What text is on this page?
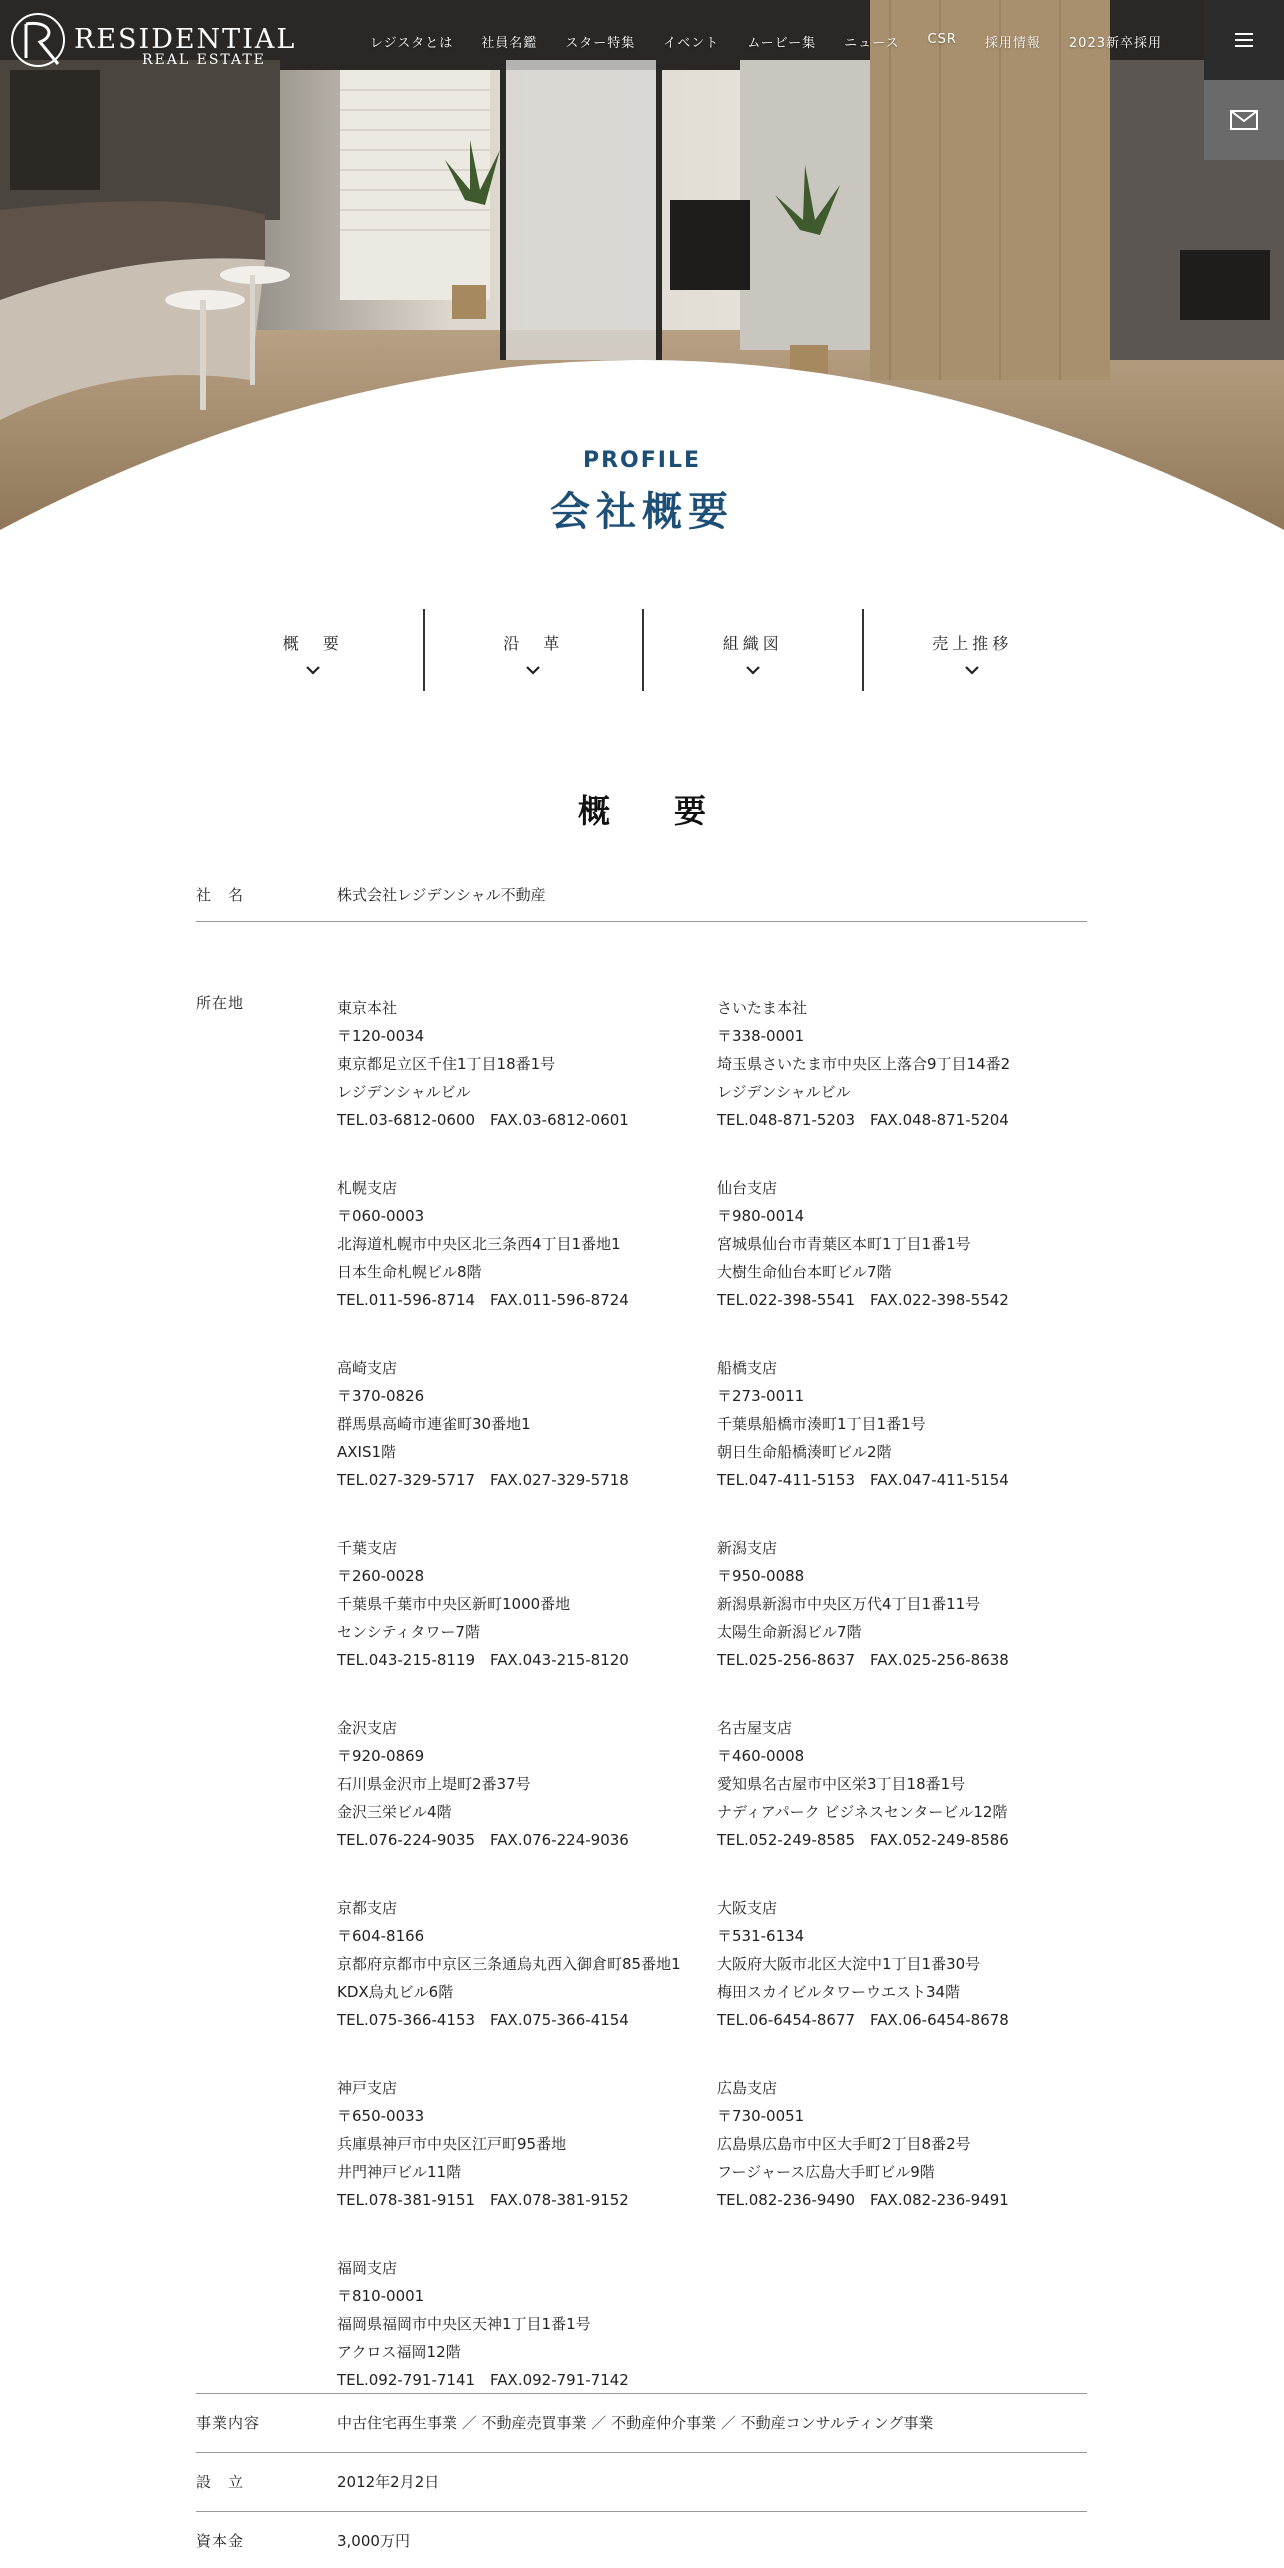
RESIDENTIAL
REAL ESTATE
レジスタとは	社員名鑑	スター特集	イベント	ムービー集	ニュース	CSR	採用情報	2023新卒採用
PROFILE
会社概要
概　要	沿　革	組織図	売上推移
概　要
社　名	株式会社レジデンシャル不動産
所在地	東京本社
〒120-0034
東京都足立区千住1丁目18番1号
レジデンシャルビル
TEL.03-6812-0600　FAX.03-6812-0601
さいたま本社
〒338-0001
埼玉県さいたま市中央区上落合9丁目14番2
レジデンシャルビル
TEL.048-871-5203　FAX.048-871-5204
札幌支店
〒060-0003
北海道札幌市中央区北三条西4丁目1番地1
日本生命札幌ビル8階
TEL.011-596-8714　FAX.011-596-8724
仙台支店
〒980-0014
宮城県仙台市青葉区本町1丁目1番1号
大樹生命仙台本町ビル7階
TEL.022-398-5541　FAX.022-398-5542
高崎支店
〒370-0826
群馬県高崎市連雀町30番地1
AXIS1階
TEL.027-329-5717　FAX.027-329-5718
船橋支店
〒273-0011
千葉県船橋市湊町1丁目1番1号
朝日生命船橋湊町ビル2階
TEL.047-411-5153　FAX.047-411-5154
千葉支店
〒260-0028
千葉県千葉市中央区新町1000番地
センシティタワー7階
TEL.043-215-8119　FAX.043-215-8120
新潟支店
〒950-0088
新潟県新潟市中央区万代4丁目1番11号
太陽生命新潟ビル7階
TEL.025-256-8637　FAX.025-256-8638
金沢支店
〒920-0869
石川県金沢市上堤町2番37号
金沢三栄ビル4階
TEL.076-224-9035　FAX.076-224-9036
名古屋支店
〒460-0008
愛知県名古屋市中区栄3丁目18番1号
ナディアパーク ビジネスセンタービル12階
TEL.052-249-8585　FAX.052-249-8586
京都支店
〒604-8166
京都府京都市中京区三条通烏丸西入御倉町85番地1
KDX烏丸ビル6階
TEL.075-366-4153　FAX.075-366-4154
大阪支店
〒531-6134
大阪府大阪市北区大淀中1丁目1番30号
梅田スカイビルタワーウエスト34階
TEL.06-6454-8677　FAX.06-6454-8678
神戸支店
〒650-0033
兵庫県神戸市中央区江戸町95番地
井門神戸ビル11階
TEL.078-381-9151　FAX.078-381-9152
広島支店
〒730-0051
広島県広島市中区大手町2丁目8番2号
フージャース広島大手町ビル9階
TEL.082-236-9490　FAX.082-236-9491
福岡支店
〒810-0001
福岡県福岡市中央区天神1丁目1番1号
アクロス福岡12階
TEL.092-791-7141　FAX.092-791-7142
事業内容	中古住宅再生事業 ／ 不動産売買事業 ／ 不動産仲介事業 ／ 不動産コンサルティング事業
設　立	2012年2月2日
資本金	3,000万円
